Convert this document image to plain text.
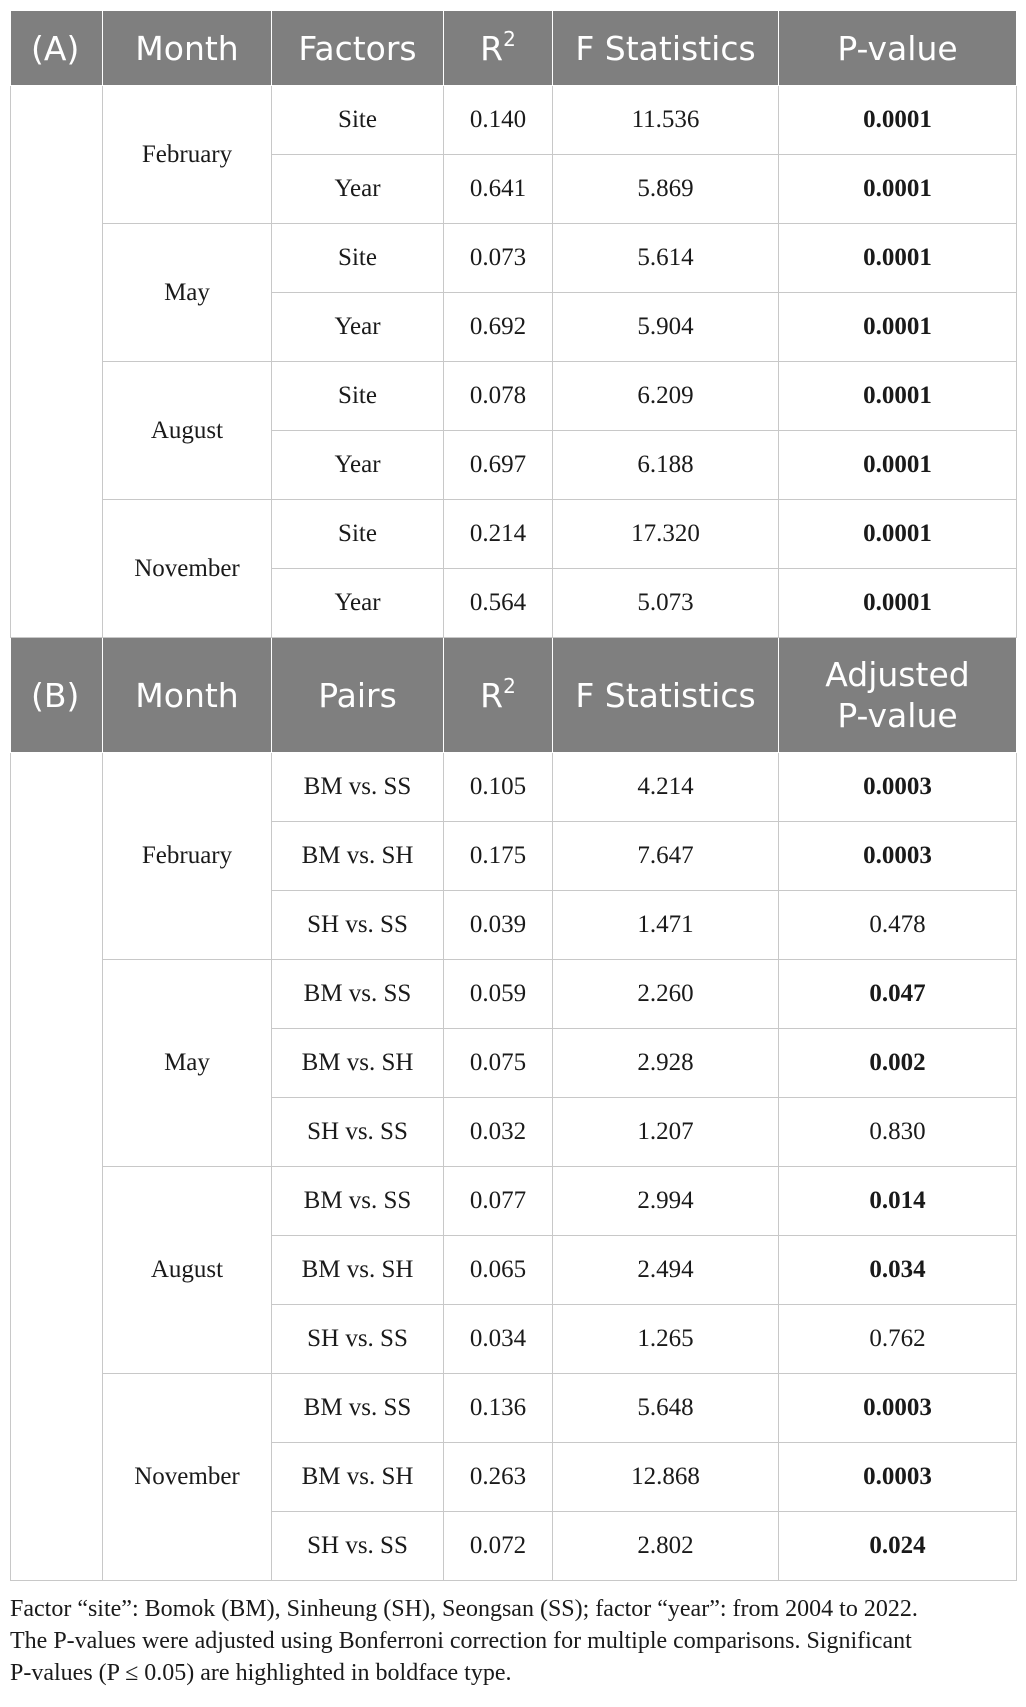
(A)	Month	Factors	$R^2$	F Statistics	P-value
	February	Site	0.140	11.536	0.0001
		Year	0.641	5.869	0.0001
	May	Site	0.073	5.614	0.0001
		Year	0.692	5.904	0.0001
	August	Site	0.078	6.209	0.0001
		Year	0.697	6.188	0.0001
	November	Site	0.214	17.320	0.0001
		Year	0.564	5.073	0.0001
(B)	Month	Pairs	$R^2$	F Statistics	Adjusted
P-value
	February	BM vs. SS	0.105	4.214	0.0003
		BM vs. SH	0.175	7.647	0.0003
		SH vs. SS	0.039	1.471	0.478
	May	BM vs. SS	0.059	2.260	0.047
		BM vs. SH	0.075	2.928	0.002
		SH vs. SS	0.032	1.207	0.830
	August	BM vs. SS	0.077	2.994	0.014
		BM vs. SH	0.065	2.494	0.034
		SH vs. SS	0.034	1.265	0.762
	November	BM vs. SS	0.136	5.648	0.0003
		BM vs. SH	0.263	12.868	0.0003
		SH vs. SS	0.072	2.802	0.024

Factor “site”: Bomok (BM), Sinheung (SH), Seongsan (SS); factor “year”: from 2004 to 2022.

The P-values were adjusted using Bonferroni correction for multiple comparisons. Significant

P-values (P ≤ 0.05) are highlighted in boldface type.
